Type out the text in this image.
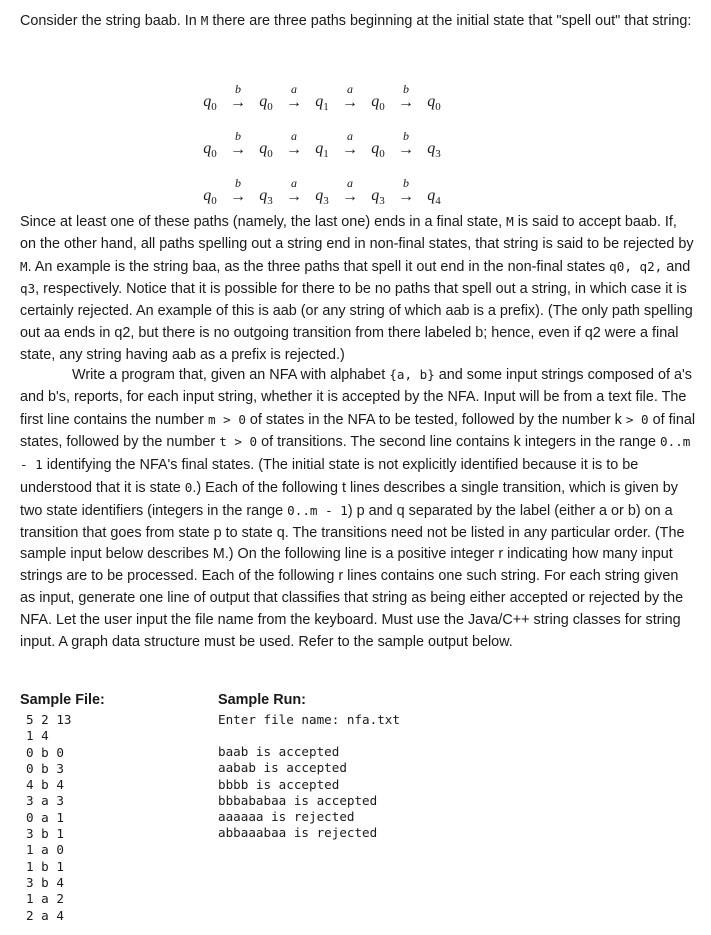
Consider the string baab. In M there are three paths beginning at the initial state that "spell out" that string:

$q_0$
b
→ $q_0$
a
→ $q_1$
a
→ $q_0$
b
→ $q_0$
$q_0$
b
→ $q_0$
a
→ $q_1$
a
→ $q_0$
b
→ $q_3$
$q_0$
b
→ $q_3$
a
→ $q_3$
a
→ $q_3$
b
→ $q_4$

Since at least one of these paths (namely, the last one) ends in a final state, M is said to accept baab. If, on the other hand, all paths spelling out a string end in non-final states, that string is said to be rejected by M. An example is the string baa, as the three paths that spell it out end in the non-final states q0, q2, and q3, respectively. Notice that it is possible for there to be no paths that spell out a string, in which case it is certainly rejected. An example of this is aab (or any string of which aab is a prefix). (The only path spelling out aa ends in q2, but there is no outgoing transition from there labeled b; hence, even if q2 were a final state, any string having aab as a prefix is rejected.)

Write a program that, given an NFA with alphabet {a, b} and some input strings composed of a's and b's, reports, for each input string, whether it is accepted by the NFA. Input will be from a text file. The first line contains the number m > 0 of states in the NFA to be tested, followed by the number k > 0 of final states, followed by the number t > 0 of transitions. The second line contains k integers in the range 0..m - 1 identifying the NFA's final states. (The initial state is not explicitly identified because it is to be understood that it is state 0.) Each of the following t lines describes a single transition, which is given by two state identifiers (integers in the range 0..m - 1) p and q separated by the label (either a or b) on a transition that goes from state p to state q. The transitions need not be listed in any particular order. (The sample input below describes M.) On the following line is a positive integer r indicating how many input strings are to be processed. Each of the following r lines contains one such string. For each string given as input, generate one line of output that classifies that string as being either accepted or rejected by the NFA. Let the user input the file name from the keyboard. Must use the Java/C++ string classes for string input. A graph data structure must be used. Refer to the sample output below.

Sample File:
5 2 13
1 4
0 b 0
0 b 3
4 b 4
3 a 3
0 a 1
3 b 1
1 a 0
1 b 1
3 b 4
1 a 2
2 a 4
Sample Run:
Enter file name: nfa.txt
baab is accepted
aabab is accepted
bbbb is accepted
bbbababaa is accepted
aaaaaa is rejected
abbaaabaa is rejected
